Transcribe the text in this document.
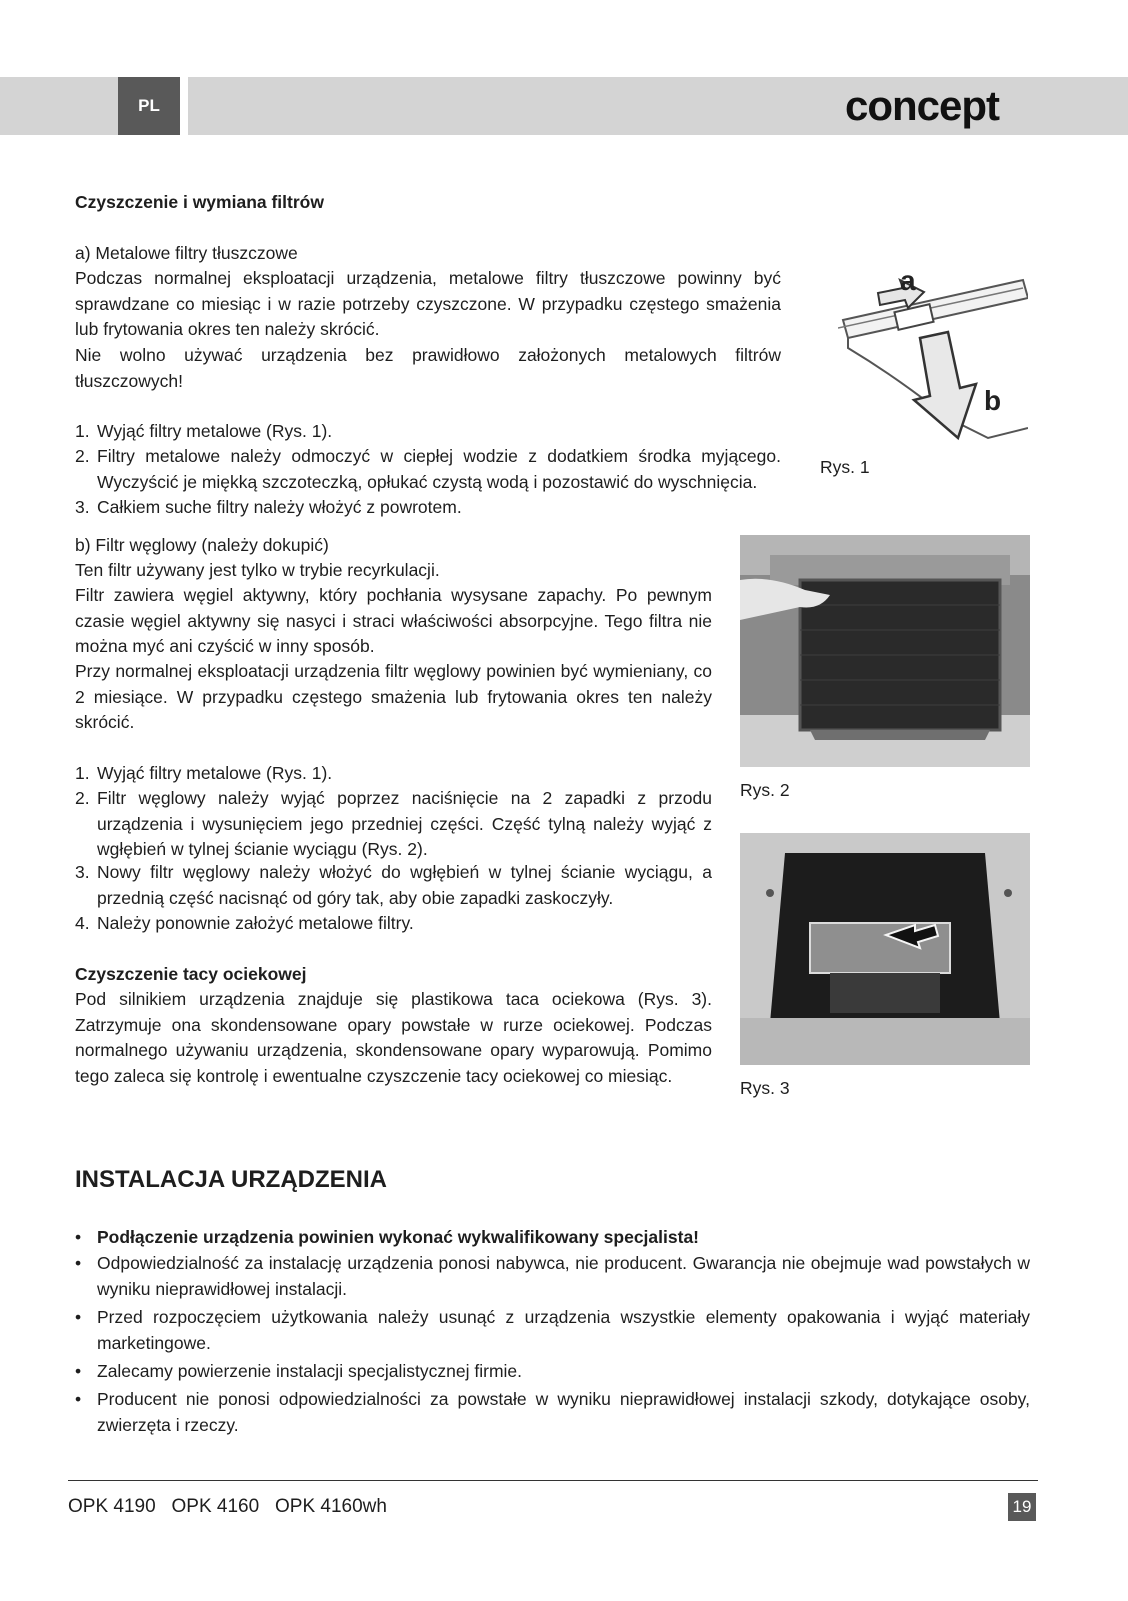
PL	concept
Czyszczenie i wymiana filtrów
a) Metalowe filtry tłuszczowe
Podczas normalnej eksploatacji urządzenia, metalowe filtry tłuszczowe powinny być sprawdzane co miesiąc i w razie potrzeby czyszczone. W przypadku częstego smażenia lub frytowania okres ten należy skrócić.
Nie wolno używać urządzenia bez prawidłowo założonych metalowych filtrów tłuszczowych!
1. Wyjąć filtry metalowe (Rys. 1).
2. Filtry metalowe należy odmoczyć w ciepłej wodzie z dodatkiem środka myjącego. Wyczyścić je miękką szczoteczką, opłukać czystą wodą i pozostawić do wyschnięcia.
3. Całkiem suche filtry należy włożyć z powrotem.
b) Filtr węglowy (należy dokupić)
Ten filtr używany jest tylko w trybie recyrkulacji.
Filtr zawiera węgiel aktywny, który pochłania wysysane zapachy. Po pewnym czasie węgiel aktywny się nasyci i straci właściwości absorpcyjne. Tego filtra nie można myć ani czyścić w inny sposób.
Przy normalnej eksploatacji urządzenia filtr węglowy powinien być wymieniany, co 2 miesiące. W przypadku częstego smażenia lub frytowania okres ten należy skrócić.
1. Wyjąć filtry metalowe (Rys. 1).
2. Filtr węglowy należy wyjąć poprzez naciśnięcie na 2 zapadki z przodu urządzenia i wysunięciem jego przedniej części. Część tylną należy wyjąć z wgłębień w tylnej ścianie wyciągu (Rys. 2).
3. Nowy filtr węglowy należy włożyć do wgłębień w tylnej ścianie wyciągu, a przednią część nacisnąć od góry tak, aby obie zapadki zaskoczyły.
4. Należy ponownie założyć metalowe filtry.
Czyszczenie tacy ociekowej
Pod silnikiem urządzenia znajduje się plastikowa taca ociekowa (Rys. 3). Zatrzymuje ona skondensowane opary powstałe w rurze ociekowej. Podczas normalnego używaniu urządzenia, skondensowane opary wyparowują. Pomimo tego zaleca się kontrolę i ewentualne czyszczenie tacy ociekowej co miesiąc.
a
b
Rys. 1
Rys. 2
Rys. 3
INSTALACJA URZĄDZENIA
• Podłączenie urządzenia powinien wykonać wykwalifikowany specjalista!
• Odpowiedzialność za instalację urządzenia ponosi nabywca, nie producent. Gwarancja nie obejmuje wad powstałych w wyniku nieprawidłowej instalacji.
• Przed rozpoczęciem użytkowania należy usunąć z urządzenia wszystkie elementy opakowania i wyjąć materiały marketingowe.
• Zalecamy powierzenie instalacji specjalistycznej firmie.
• Producent nie ponosi odpowiedzialności za powstałe w wyniku nieprawidłowej instalacji szkody, dotykające osoby, zwierzęta i rzeczy.
OPK 4190   OPK 4160   OPK 4160wh	19
